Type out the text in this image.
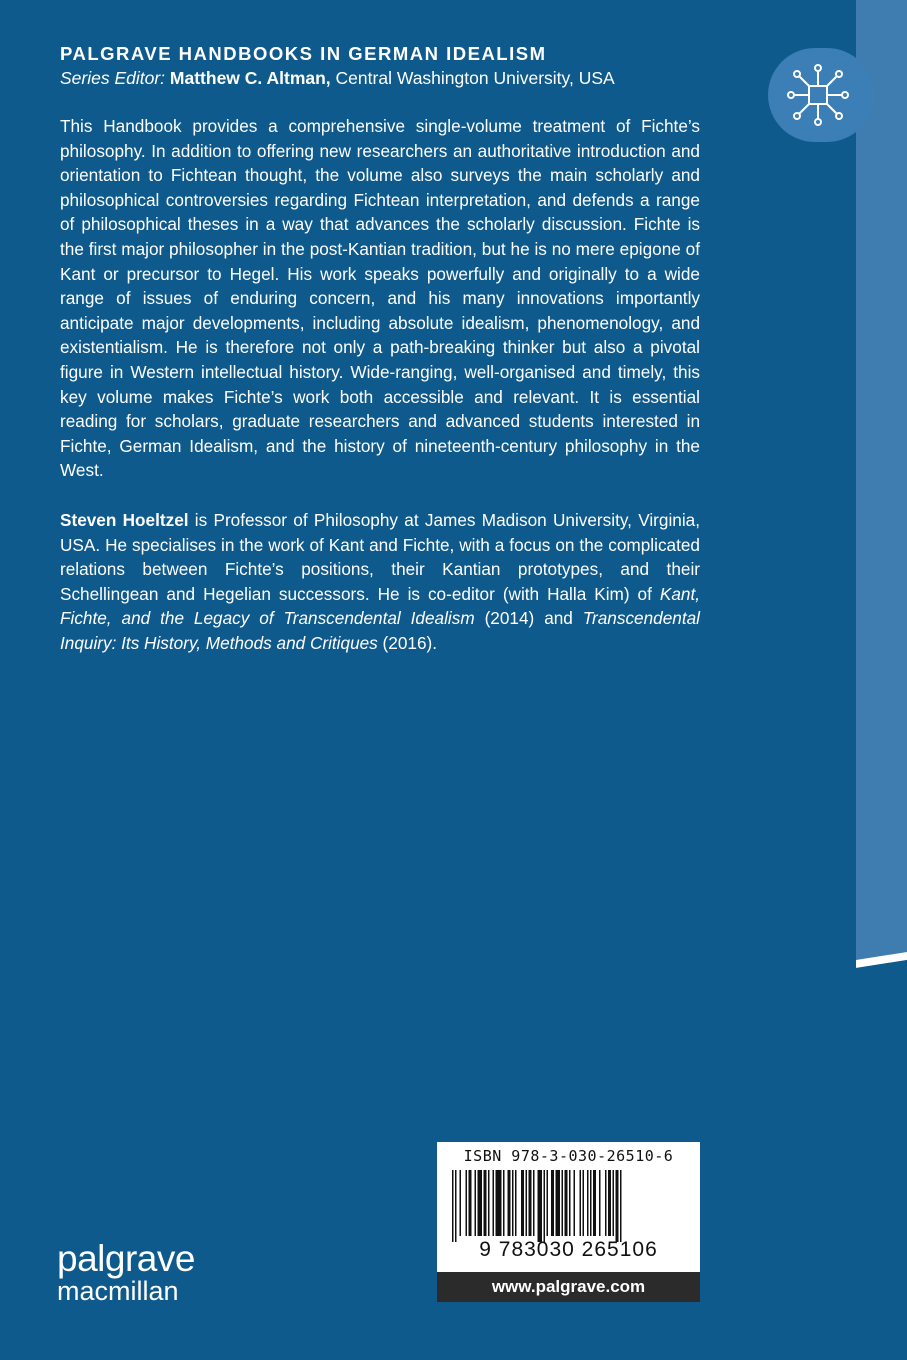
PALGRAVE HANDBOOKS IN GERMAN IDEALISM
Series Editor: Matthew C. Altman, Central Washington University, USA

This Handbook provides a comprehensive single-volume treatment of Fichte’s philosophy. In addition to offering new researchers an authoritative introduction and orientation to Fichtean thought, the volume also surveys the main scholarly and philosophical controversies regarding Fichtean interpretation, and defends a range of philosophical theses in a way that advances the scholarly discussion. Fichte is the first major philosopher in the post-Kantian tradition, but he is no mere epigone of Kant or precursor to Hegel. His work speaks powerfully and originally to a wide range of issues of enduring concern, and his many innovations importantly anticipate major developments, including absolute idealism, phenomenology, and existentialism. He is therefore not only a path-breaking thinker but also a pivotal figure in Western intellectual history. Wide-ranging, well-organised and timely, this key volume makes Fichte’s work both accessible and relevant. It is essential reading for scholars, graduate researchers and advanced students interested in Fichte, German Idealism, and the history of nineteenth-century philosophy in the West.

Steven Hoeltzel is Professor of Philosophy at James Madison University, Virginia, USA. He specialises in the work of Kant and Fichte, with a focus on the complicated relations between Fichte’s positions, their Kantian prototypes, and their Schellingean and Hegelian successors. He is co-editor (with Halla Kim) of Kant, Fichte, and the Legacy of Transcendental Idealism (2014) and Transcendental Inquiry: Its History, Methods and Critiques (2016).

ISBN 978-3-030-26510-6
9 783030 265106
www.palgrave.com
palgrave
macmillan
